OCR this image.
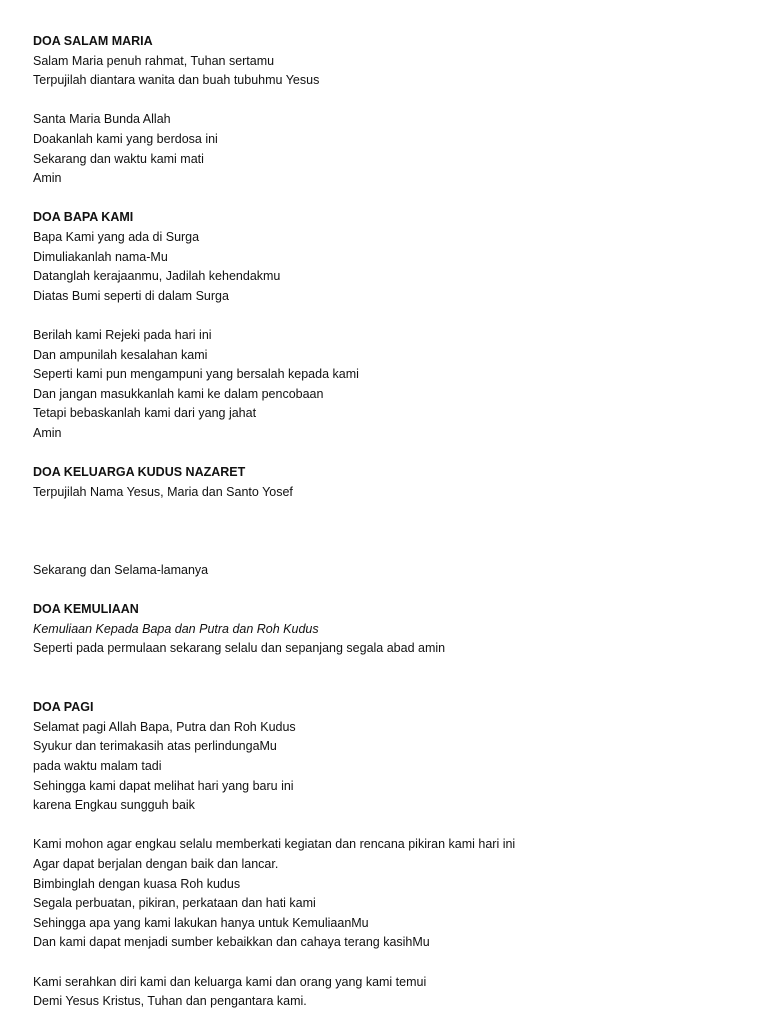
DOA SALAM MARIA
Salam Maria penuh rahmat, Tuhan sertamu
Terpujilah diantara wanita dan buah tubuhmu Yesus
Santa Maria Bunda Allah
Doakanlah kami yang berdosa ini
Sekarang dan waktu kami mati
Amin
DOA BAPA KAMI
Bapa Kami yang ada di Surga
Dimuliakanlah nama-Mu
Datanglah kerajaanmu, Jadilah kehendakmu
Diatas Bumi seperti di dalam Surga
Berilah kami Rejeki pada hari ini
Dan ampunilah kesalahan kami
Seperti kami pun mengampuni yang bersalah kepada kami
Dan jangan masukkanlah kami ke dalam pencobaan
Tetapi bebaskanlah kami dari yang jahat
Amin
DOA KELUARGA KUDUS NAZARET
Terpujilah Nama Yesus, Maria dan Santo Yosef
Sekarang dan Selama-lamanya
DOA KEMULIAAN
Kemuliaan Kepada Bapa dan Putra dan Roh Kudus
Seperti pada permulaan sekarang selalu dan sepanjang segala abad amin
DOA PAGI
Selamat pagi Allah Bapa, Putra dan Roh Kudus
Syukur dan terimakasih atas perlindungaMu
pada waktu malam tadi
Sehingga kami dapat melihat hari yang baru ini
karena Engkau sungguh baik
Kami mohon agar engkau selalu memberkati kegiatan dan rencana pikiran kami hari ini
Agar dapat berjalan dengan baik dan lancar.
Bimbinglah dengan kuasa Roh kudus
Segala perbuatan, pikiran, perkataan dan hati kami
Sehingga apa yang kami lakukan hanya untuk KemuliaanMu
Dan kami dapat menjadi sumber kebaikkan dan cahaya terang kasihMu
Kami serahkan diri kami dan keluarga kami dan orang yang kami temui
Demi Yesus Kristus, Tuhan dan pengantara kami.
